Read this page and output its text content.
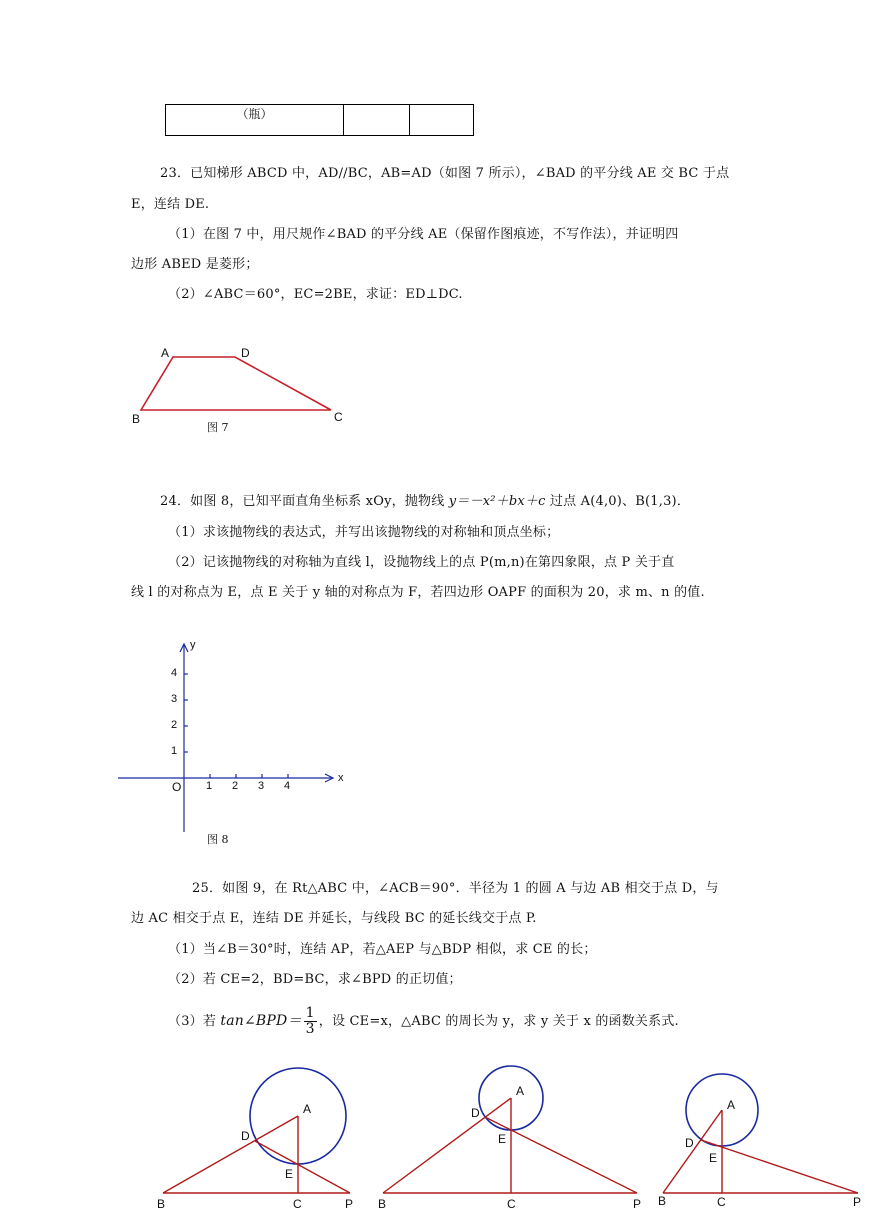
（瓶）		
23．已知梯形 ABCD 中，AD//BC，AB=AD（如图 7 所示），∠BAD 的平分线 AE 交 BC 于点
E，连结 DE.
（1）在图 7 中，用尺规作∠BAD 的平分线 AE（保留作图痕迹，不写作法），并证明四
边形 ABED 是菱形；
（2）∠ABC＝60°，EC=2BE，求证：ED⊥DC.
A	D
B	C
图 7
24．如图 8，已知平面直角坐标系 xOy，抛物线 y＝－x²＋bx＋c 过点 A(4,0)、B(1,3)．
（1）求该抛物线的表达式，并写出该抛物线的对称轴和顶点坐标；
（2）记该抛物线的对称轴为直线 l，设抛物线上的点 P(m,n)在第四象限，点 P 关于直
线 l 的对称点为 E，点 E 关于 y 轴的对称点为 F，若四边形 OAPF 的面积为 20，求 m、n 的值.
y
x
O 1 2 3 4
4
3
2
1
图 8
25．如图 9，在 Rt△ABC 中，∠ACB＝90°．半径为 1 的圆 A 与边 AB 相交于点 D，与
边 AC 相交于点 E，连结 DE 并延长，与线段 BC 的延长线交于点 P.
（1）当∠B＝30°时，连结 AP，若△AEP 与△BDP 相似，求 CE 的长；
（2）若 CE=2，BD=BC，求∠BPD 的正切值；
（3）若 tan∠BPD＝ $\frac{1}{3}$ ，设 CE=x，△ABC 的周长为 y，求 y 关于 x 的函数关系式.
A
D
E
B	C	P
A
D
E
B	C	P
A
D
E
B	C	P
